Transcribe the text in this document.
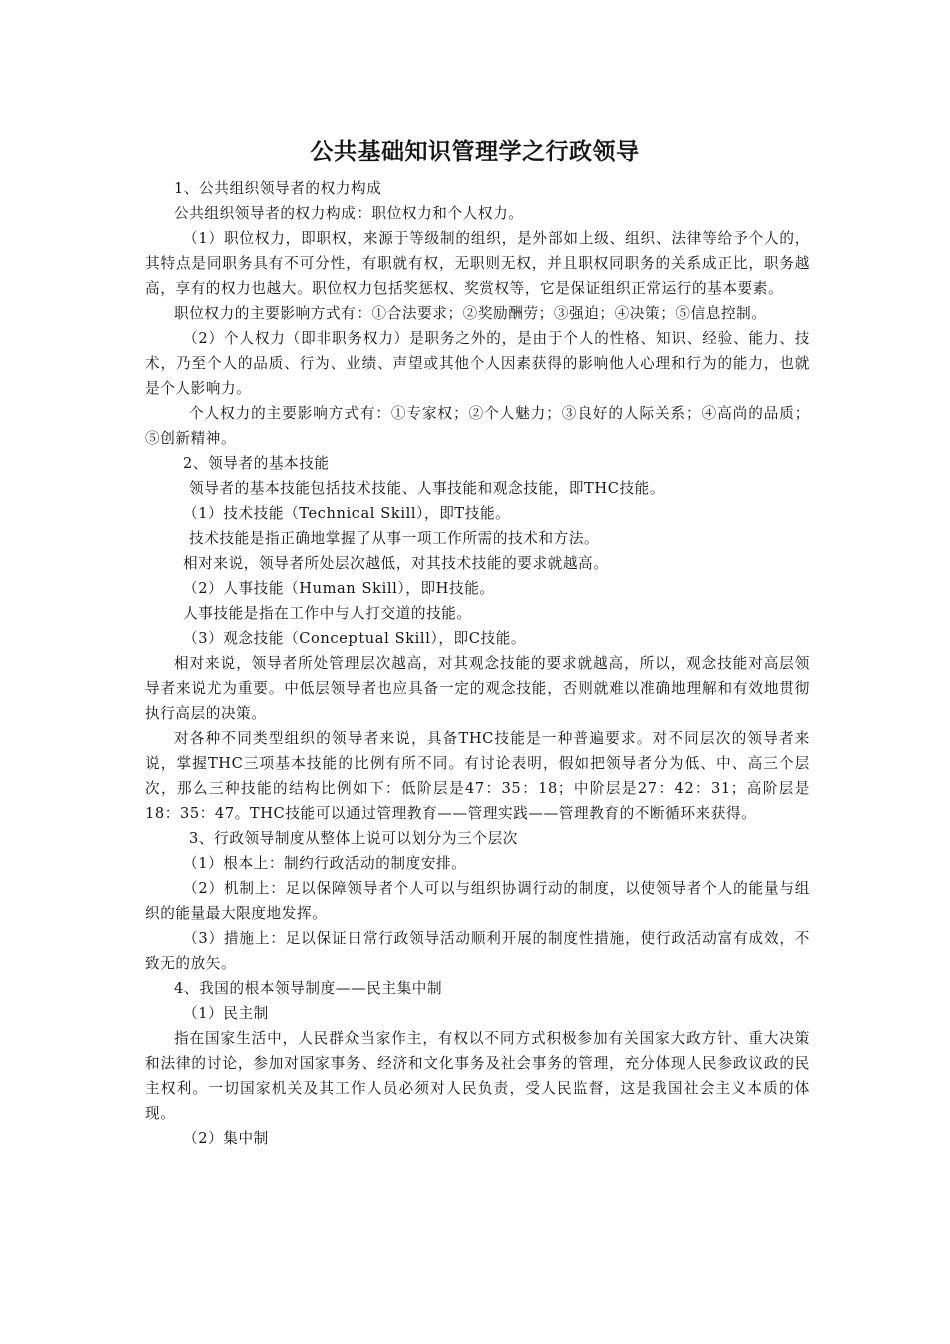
公共基础知识管理学之行政领导

1、公共组织领导者的权力构成

公共组织领导者的权力构成：职位权力和个人权力。

（1）职位权力，即职权，来源于等级制的组织，是外部如上级、组织、法律等给予个人的，其特点是同职务具有不可分性，有职就有权，无职则无权，并且职权同职务的关系成正比，职务越高，享有的权力也越大。职位权力包括奖惩权、奖赏权等，它是保证组织正常运行的基本要素。

职位权力的主要影响方式有：①合法要求；②奖励酬劳；③强迫；④决策；⑤信息控制。

（2）个人权力（即非职务权力）是职务之外的，是由于个人的性格、知识、经验、能力、技术，乃至个人的品质、行为、业绩、声望或其他个人因素获得的影响他人心理和行为的能力，也就是个人影响力。

个人权力的主要影响方式有：①专家权；②个人魅力；③良好的人际关系；④高尚的品质；⑤创新精神。

2、领导者的基本技能

领导者的基本技能包括技术技能、人事技能和观念技能，即THC技能。

（1）技术技能（Technical Skill），即T技能。

技术技能是指正确地掌握了从事一项工作所需的技术和方法。

相对来说，领导者所处层次越低，对其技术技能的要求就越高。

（2）人事技能（Human Skill），即H技能。

人事技能是指在工作中与人打交道的技能。

（3）观念技能（Conceptual Skill），即C技能。

相对来说，领导者所处管理层次越高，对其观念技能的要求就越高，所以，观念技能对高层领导者来说尤为重要。中低层领导者也应具备一定的观念技能，否则就难以准确地理解和有效地贯彻执行高层的决策。

对各种不同类型组织的领导者来说，具备THC技能是一种普遍要求。对不同层次的领导者来说，掌握THC三项基本技能的比例有所不同。有讨论表明，假如把领导者分为低、中、高三个层次，那么三种技能的结构比例如下：低阶层是47：35：18；中阶层是27：42：31；高阶层是18：35：47。THC技能可以通过管理教育——管理实践——管理教育的不断循环来获得。

3、行政领导制度从整体上说可以划分为三个层次

（1）根本上：制约行政活动的制度安排。

（2）机制上：足以保障领导者个人可以与组织协调行动的制度，以使领导者个人的能量与组织的能量最大限度地发挥。

（3）措施上：足以保证日常行政领导活动顺利开展的制度性措施，使行政活动富有成效，不致无的放矢。

4、我国的根本领导制度——民主集中制

（1）民主制

指在国家生活中，人民群众当家作主，有权以不同方式积极参加有关国家大政方针、重大决策和法律的讨论，参加对国家事务、经济和文化事务及社会事务的管理，充分体现人民参政议政的民主权利。一切国家机关及其工作人员必须对人民负责，受人民监督，这是我国社会主义本质的体现。

（2）集中制
